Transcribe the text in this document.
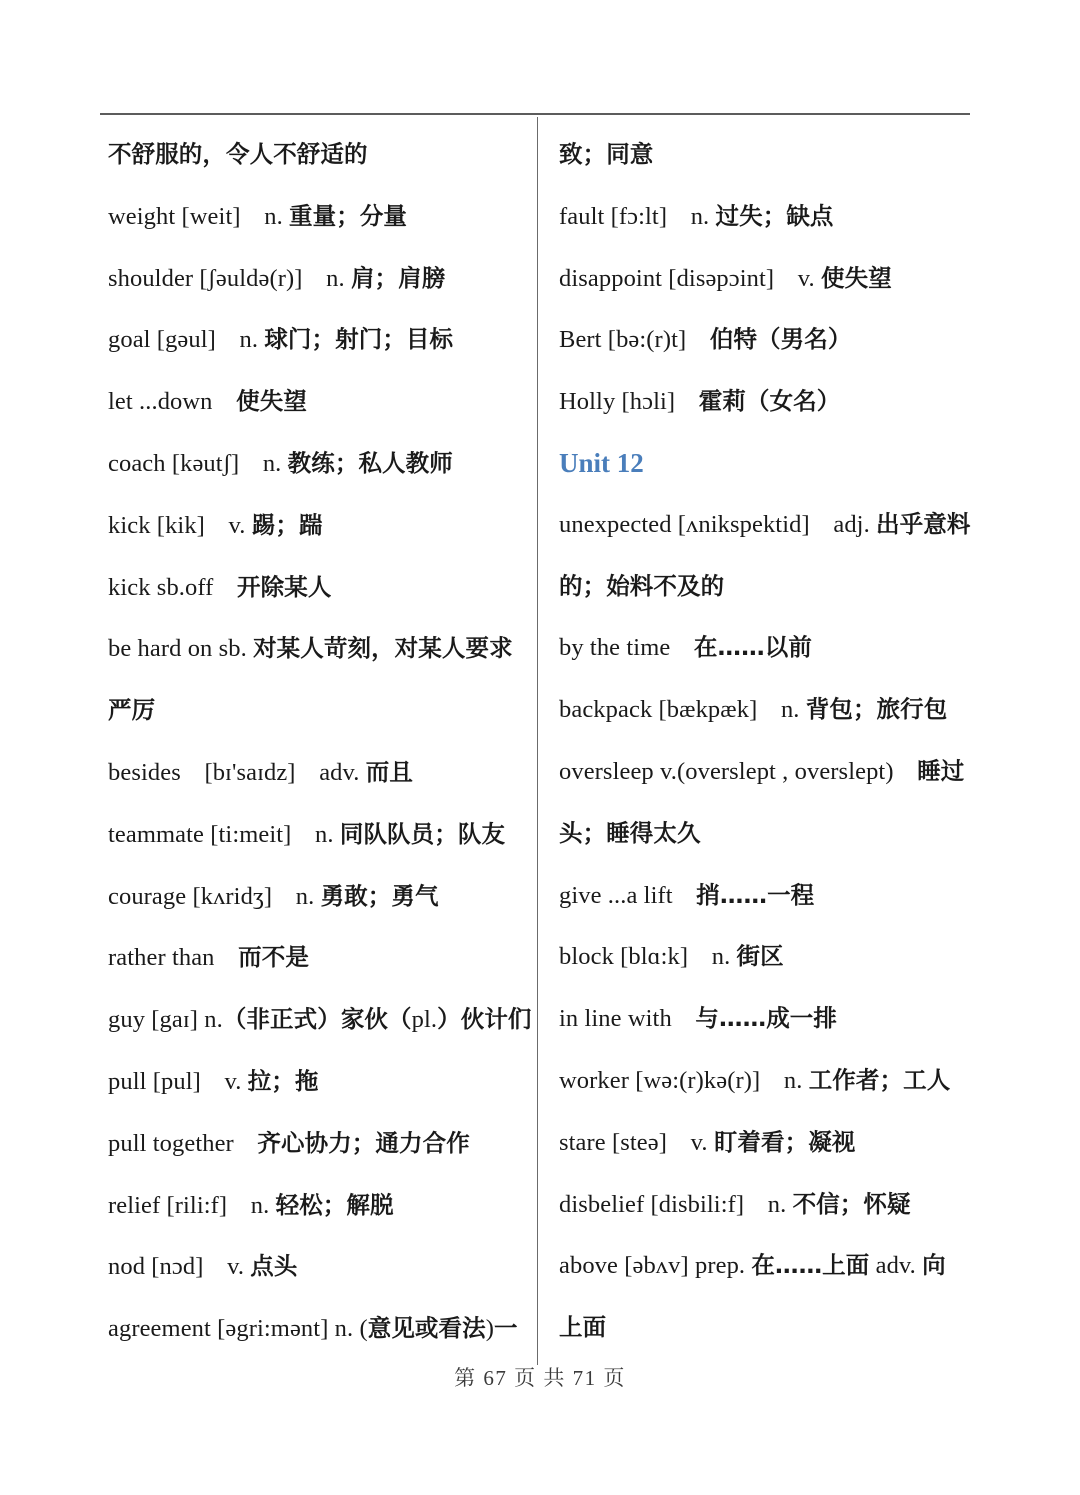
不舒服的，令人不舒适的
weight [weit]　 n. 重量；分量
shoulder [ʃəuldə(r)]　 n. 肩；肩膀
goal [gəul]　 n. 球门；射门；目标
let ...down　使失望
coach [kəutʃ]　 n. 教练；私人教师
kick [kik]　 v. 踢；踹
kick sb.off　开除某人
be hard on sb. 对某人苛刻，对某人要求
严厉
besides　 [bɪ'saɪdz]　 adv. 而且
teammate [ti:meit]　 n. 同队队员；队友
courage [kʌridʒ]　 n. 勇敢；勇气
rather than　而不是
guy [gaɪ] n.（非正式）家伙（pl.）伙计们
pull [pul]　 v. 拉；拖
pull together　齐心协力；通力合作
relief [rili:f]　 n. 轻松；解脱
nod [nɔd]　 v. 点头
agreement [əgri:mənt] n. (意见或看法)一
致；同意
fault [fɔ:lt]　 n. 过失；缺点
disappoint [disəpɔint]　 v. 使失望
Bert [bə:(r)t]　伯特（男名）
Holly [hɔli]　霍莉（女名）
Unit 12
unexpected [ʌnikspektid]　 adj. 出乎意料
的；始料不及的
by the time　在……以前
backpack [bækpæk]　 n. 背包；旅行包
oversleep v.(overslept , overslept)　睡过
头；睡得太久
give ...a lift　捎……一程
block [blɑ:k]　 n. 街区
in line with　与……成一排
worker [wə:(r)kə(r)]　 n. 工作者；工人
stare [steə]　 v. 盯着看；凝视
disbelief [disbili:f]　 n. 不信；怀疑
above [əbʌv] prep. 在……上面 adv. 向
上面
第 67 页 共 71 页
